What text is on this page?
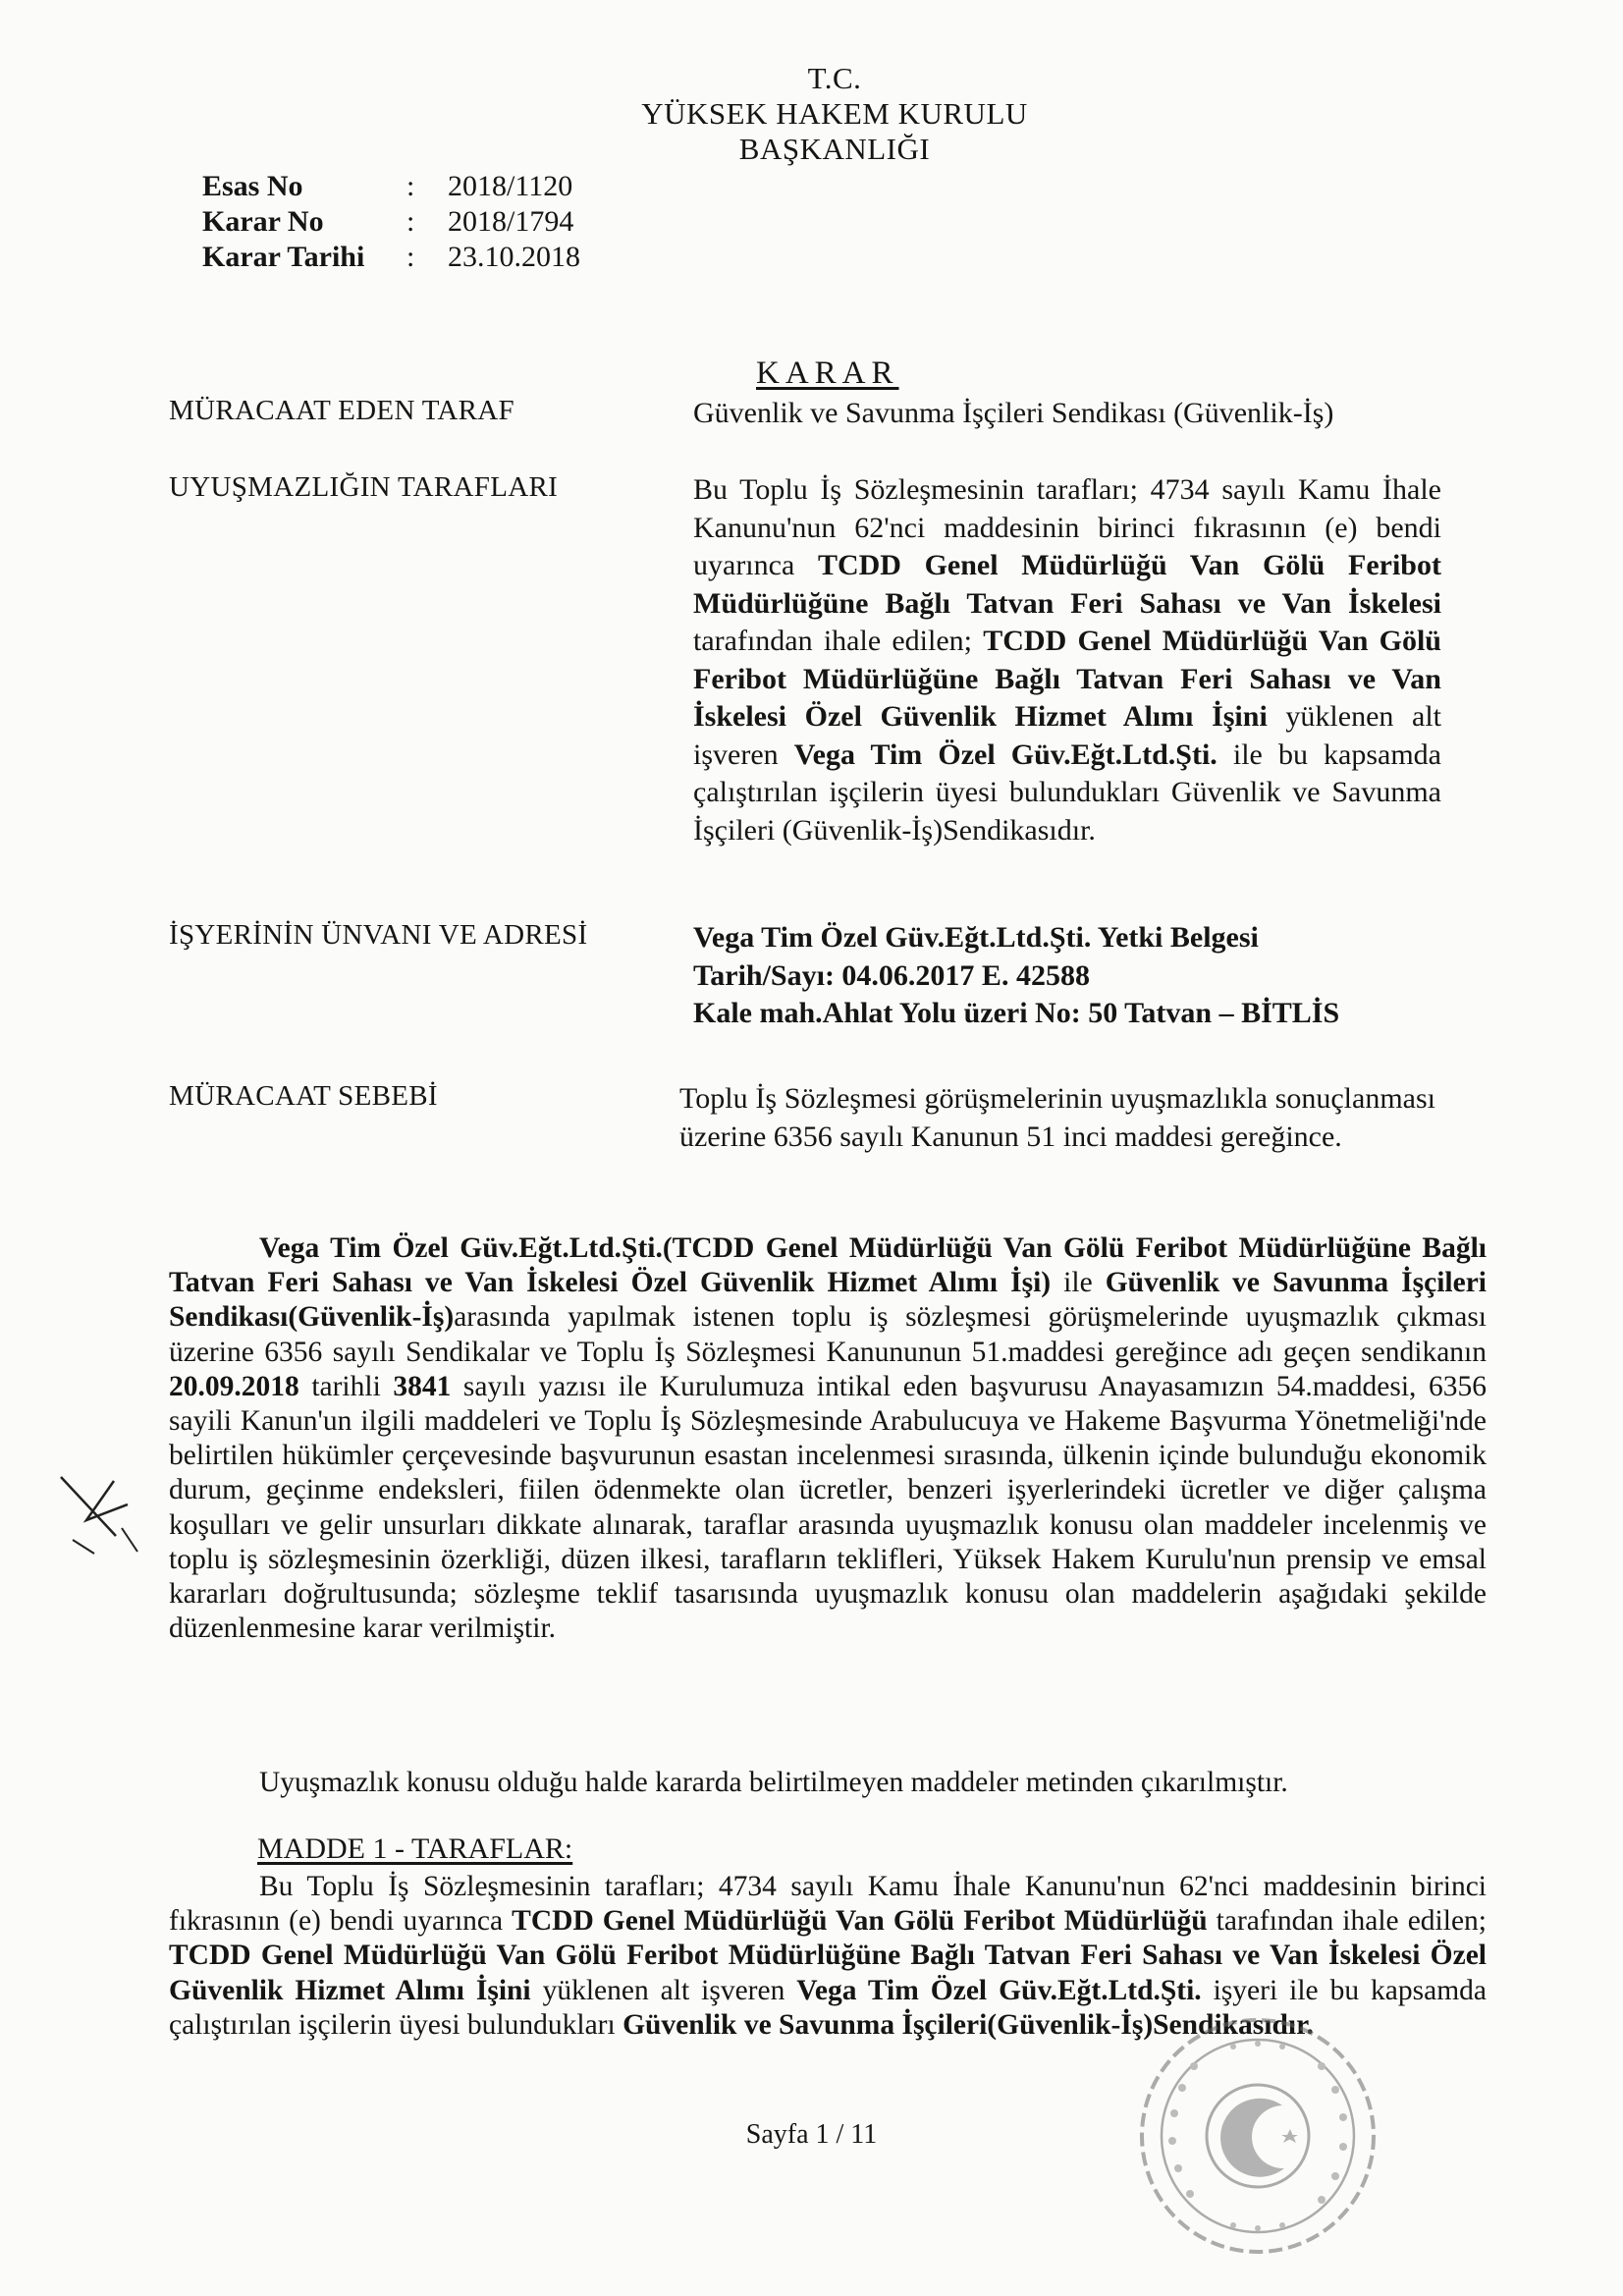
T.C.
YÜKSEK HAKEM KURULU
BAŞKANLIĞI
Esas No	: 2018/1120
Karar No	: 2018/1794
Karar Tarihi : 23.10.2018
KARAR
MÜRACAAT EDEN TARAF	Güvenlik ve Savunma İşçileri Sendikası (Güvenlik-İş)
UYUŞMAZLIĞIN TARAFLARI	Bu Toplu İş Sözleşmesinin tarafları; 4734 sayılı Kamu İhale Kanunu'nun 62'nci maddesinin birinci fıkrasının (e) bendi uyarınca TCDD Genel Müdürlüğü Van Gölü Feribot Müdürlüğüne Bağlı Tatvan Feri Sahası ve Van İskelesi tarafından ihale edilen; TCDD Genel Müdürlüğü Van Gölü Feribot Müdürlüğüne Bağlı Tatvan Feri Sahası ve Van İskelesi Özel Güvenlik Hizmet Alımı İşini yüklenen alt işveren Vega Tim Özel Güv.Eğt.Ltd.Şti. ile bu kapsamda çalıştırılan işçilerin üyesi bulundukları Güvenlik ve Savunma İşçileri (Güvenlik-İş)Sendikasıdır.
İŞYERİNİN ÜNVANI VE ADRESİ	Vega Tim Özel Güv.Eğt.Ltd.Şti. Yetki Belgesi
Tarih/Sayı: 04.06.2017 E. 42588
Kale mah.Ahlat Yolu üzeri No: 50 Tatvan – BİTLİS
MÜRACAAT SEBEBİ	Toplu İş Sözleşmesi görüşmelerinin uyuşmazlıkla sonuçlanması üzerine 6356 sayılı Kanunun 51 inci maddesi gereğince.
Vega Tim Özel Güv.Eğt.Ltd.Şti.(TCDD Genel Müdürlüğü Van Gölü Feribot Müdürlüğüne Bağlı Tatvan Feri Sahası ve Van İskelesi Özel Güvenlik Hizmet Alımı İşi) ile Güvenlik ve Savunma İşçileri Sendikası(Güvenlik-İş)arasında yapılmak istenen toplu iş sözleşmesi görüşmelerinde uyuşmazlık çıkması üzerine 6356 sayılı Sendikalar ve Toplu İş Sözleşmesi Kanununun 51.maddesi gereğince adı geçen sendikanın 20.09.2018 tarihli 3841 sayılı yazısı ile Kurulumuza intikal eden başvurusu Anayasamızın 54.maddesi, 6356 sayili Kanun'un ilgili maddeleri ve Toplu İş Sözleşmesinde Arabulucuya ve Hakeme Başvurma Yönetmeliği'nde belirtilen hükümler çerçevesinde başvurunun esastan incelenmesi sırasında, ülkenin içinde bulunduğu ekonomik durum, geçinme endeksleri, fiilen ödenmekte olan ücretler, benzeri işyerlerindeki ücretler ve diğer çalışma koşulları ve gelir unsurları dikkate alınarak, taraflar arasında uyuşmazlık konusu olan maddeler incelenmiş ve toplu iş sözleşmesinin özerkliği, düzen ilkesi, tarafların teklifleri, Yüksek Hakem Kurulu'nun prensip ve emsal kararları doğrultusunda; sözleşme teklif tasarısında uyuşmazlık konusu olan maddelerin aşağıdaki şekilde düzenlenmesine karar verilmiştir.
Uyuşmazlık konusu olduğu halde kararda belirtilmeyen maddeler metinden çıkarılmıştır.
MADDE 1 - TARAFLAR:
Bu Toplu İş Sözleşmesinin tarafları; 4734 sayılı Kamu İhale Kanunu'nun 62'nci maddesinin birinci fıkrasının (e) bendi uyarınca TCDD Genel Müdürlüğü Van Gölü Feribot Müdürlüğü tarafından ihale edilen; TCDD Genel Müdürlüğü Van Gölü Feribot Müdürlüğüne Bağlı Tatvan Feri Sahası ve Van İskelesi Özel Güvenlik Hizmet Alımı İşini yüklenen alt işveren Vega Tim Özel Güv.Eğt.Ltd.Şti. işyeri ile bu kapsamda çalıştırılan işçilerin üyesi bulundukları Güvenlik ve Savunma İşçileri(Güvenlik-İş)Sendikasıdır.
Sayfa 1 / 11
